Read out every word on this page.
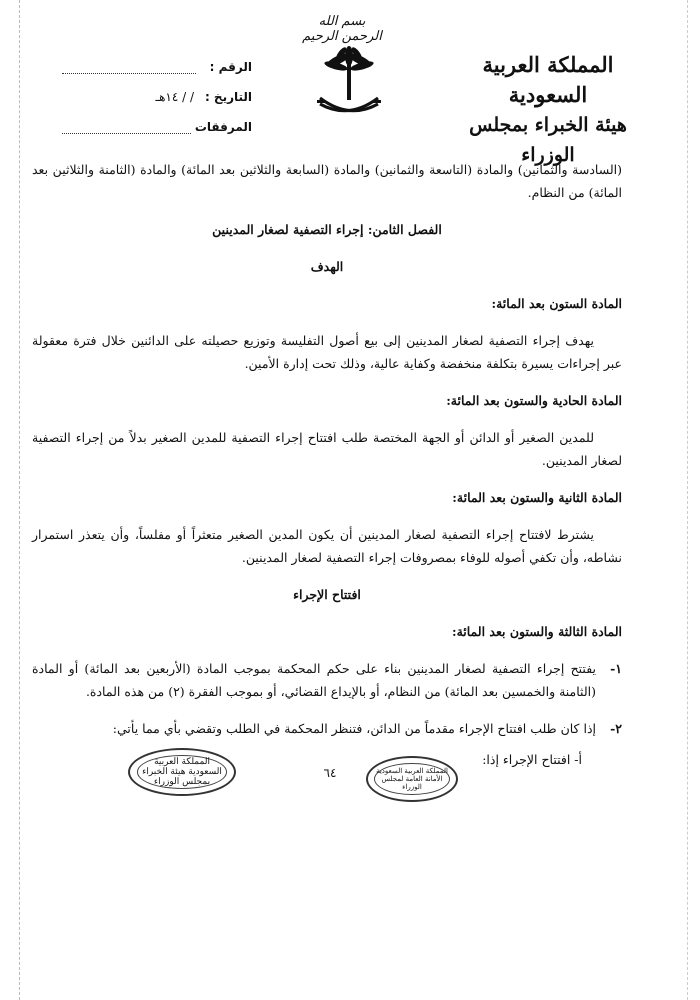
بسم الله الرحمن الرحيم
المملكة العربية السعودية
هيئة الخبراء بمجلس الوزراء
الرقم :
التاريخ :
/ / ١٤هـ
المرفقات

(السادسة والثمانين) والمادة (التاسعة والثمانين) والمادة (السابعة والثلاثين بعد المائة) والمادة (الثامنة والثلاثين بعد المائة) من النظام.

الفصل الثامن: إجراء التصفية لصغار المدينين

الهدف

المادة الستون بعد المائة:

يهدف إجراء التصفية لصغار المدينين إلى بيع أصول التفليسة وتوزيع حصيلته على الدائنين خلال فترة معقولة عبر إجراءات يسيرة بتكلفة منخفضة وكفاية عالية، وذلك تحت إدارة الأمين.

المادة الحادية والستون بعد المائة:

للمدين الصغير أو الدائن أو الجهة المختصة طلب افتتاح إجراء التصفية للمدين الصغير بدلاً من إجراء التصفية لصغار المدينين.

المادة الثانية والستون بعد المائة:

يشترط لافتتاح إجراء التصفية لصغار المدينين أن يكون المدين الصغير متعثراً أو مفلساً، وأن يتعذر استمرار نشاطه، وأن تكفي أصوله للوفاء بمصروفات إجراء التصفية لصغار المدينين.

افتتاح الإجراء

المادة الثالثة والستون بعد المائة:

١-
يفتتح إجراء التصفية لصغار المدينين بناء على حكم المحكمة بموجب المادة (الأربعين بعد المائة) أو المادة (الثامنة والخمسين بعد المائة) من النظام، أو بالإيداع القضائي، أو بموجب الفقرة (٢) من هذه المادة.

٢-
إذا كان طلب افتتاح الإجراء مقدماً من الدائن، فتنظر المحكمة في الطلب وتقضي بأي مما يأتي:

أ- افتتاح الإجراء إذا:

المملكة العربية السعودية هيئة الخبراء بمجلس الوزراء
٦٤	المملكة العربية السعودية الأمانة العامة لمجلس الوزراء
